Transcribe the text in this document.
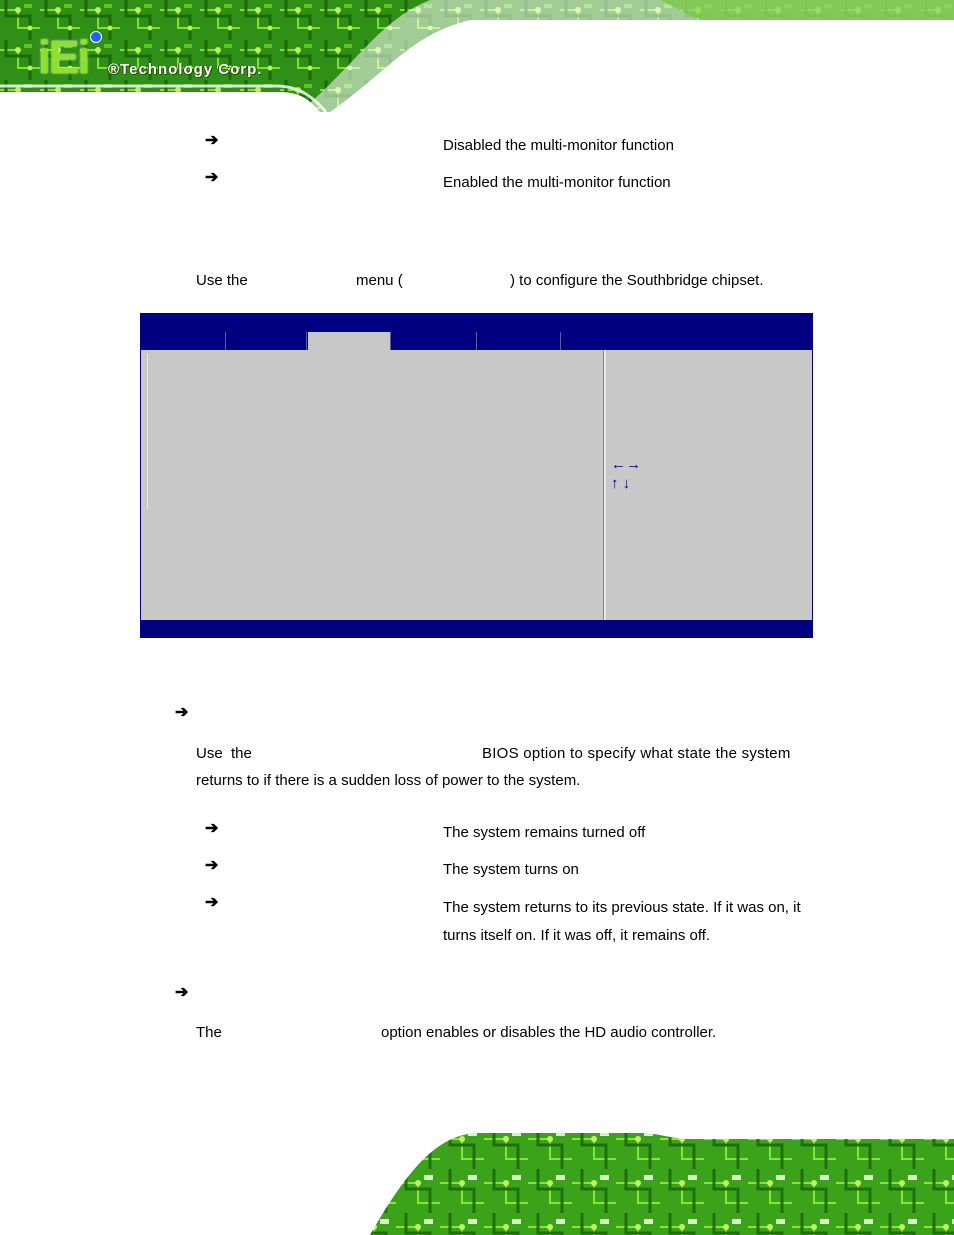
iEi ®Technology Corp.
➔	Disabled the multi-monitor function
➔	Enabled the multi-monitor function
Use the	menu (	) to configure the Southbridge chipset.
←→
↑ ↓
➔
Use the	BIOS option to specify what state the system
returns to if there is a sudden loss of power to the system.
➔	The system remains turned off
➔	The system turns on
➔	The system returns to its previous state. If it was on, it
turns itself on. If it was off, it remains off.
➔
The	option enables or disables the HD audio controller.
